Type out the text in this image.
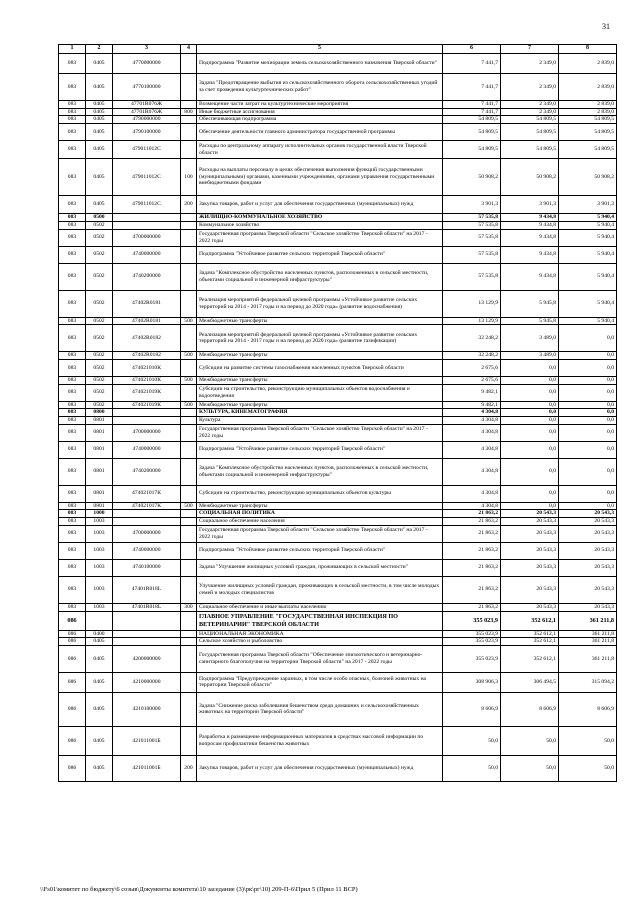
31
1	2	3	4	5	6	7	8
083	0405	4770000000		Подпрограмма "Развитие мелиорации земель сельскохозяйственного назначения Тверской области"	7 441,7	2 349,0	2 839,0
083	0405	4770100000		Задача "Предотвращение выбытия из сельскохозяйственного оборота сельскохозяйственных угодий за счет проведения культуртехнических работ"	7 441,7	2 349,0	2 839,0
083	0405	47701R076Ж		Возмещение части затрат на культуртехнические мероприятия	7 441,7	2 349,0	2 839,0
083	0405	47701R076Ж	800	Иные бюджетные ассигнования	7 441,7	2 349,0	2 839,0
083	0405	4790000000		Обеспечивающая подпрограмма	54 809,5	54 809,5	54 809,5
083	0405	4790100000		Обеспечение деятельности главного администратора государственной программы	54 809,5	54 809,5	54 809,5
083	0405	479011012С		Расходы по центральному аппарату исполнительных органов государственной власти Тверской области	54 809,5	54 809,5	54 809,5
083	0405	479011012С	100	Расходы на выплаты персоналу в целях обеспечения выполнения функций государственными (муниципальными) органами, казенными учреждениями, органами управления государственными внебюджетными фондами	50 908,2	50 908,2	50 908,2
083	0405	479011012С	200	Закупка товаров, работ и услуг для обеспечения государственных (муниципальных) нужд	3 901,3	3 901,3	3 901,3
083	0500			ЖИЛИЩНО-КОММУНАЛЬНОЕ ХОЗЯЙСТВО	57 535,8	9 434,8	5 940,4
083	0502			Коммунальное хозяйство	57 535,8	9 434,8	5 940,4
083	0502	4700000000		Государственная программа Тверской области "Сельское хозяйство Тверской области" на 2017 - 2022 годы	57 535,8	9 434,8	5 940,4
083	0502	4740000000		Подпрограмма "Устойчивое развитие сельских территорий Тверской области"	57 535,8	9 434,8	5 940,4
083	0502	4740200000		Задача "Комплексное обустройство населенных пунктов, расположенных в сельской местности, объектами социальной и инженерной инфраструктуры"	57 535,8	9 434,8	5 940,4
083	0502	47402R0181		Реализация мероприятий федеральной целевой программы «Устойчивое развитие сельских территорий на 2014 - 2017 годы и на период до 2020 года» (развитие водоснабжения)	13 129,9	5 945,8	5 940,4
083	0502	47402R0181	500	Межбюджетные трансферты	13 129,9	5 945,8	5 940,4
083	0502	47402R0182		Реализация мероприятий федеральной целевой программы «Устойчивое развитие сельских территорий на 2014 - 2017 годы и на период до 2020 года» (развитие газификации)	32 248,2	3 489,0	0,0
083	0502	47402R0182	500	Межбюджетные трансферты	32 248,2	3 489,0	0,0
083	0502	474021010К		Субсидии на развитие системы газоснабжения населенных пунктов Тверской области	2 675,6	0,0	0,0
083	0502	474021010К	500	Межбюджетные трансферты	2 675,6	0,0	0,0
083	0502	474021019К		Субсидии на строительство, реконструкцию муниципальных объектов водоснабжения и водоотведения	9 482,1	0,0	0,0
083	0502	474021019К	500	Межбюджетные трансферты	9 482,1	0,0	0,0
083	0800			КУЛЬТУРА, КИНЕМАТОГРАФИЯ	4 304,8	0,0	0,0
083	0801			Культура	4 304,8	0,0	0,0
083	0801	4700000000		Государственная программа Тверской области "Сельское хозяйство Тверской области" на 2017 - 2022 годы	4 304,8	0,0	0,0
083	0801	4740000000		Подпрограмма "Устойчивое развитие сельских территорий Тверской области"	4 304,8	0,0	0,0
083	0801	4740200000		Задача "Комплексное обустройство населенных пунктов, расположенных в сельской местности, объектами социальной и инженерной инфраструктуры"	4 304,8	0,0	0,0
083	0801	474021017К		Субсидии на строительство, реконструкцию муниципальных объектов культуры	4 304,8	0,0	0,0
083	0801	474021017К	500	Межбюджетные трансферты	4 304,8	0,0	0,0
083	1000			СОЦИАЛЬНАЯ ПОЛИТИКА	21 863,2	20 543,3	20 543,3
083	1003			Социальное обеспечение населения	21 863,2	20 543,3	20 543,3
083	1003	4700000000		Государственная программа Тверской области "Сельское хозяйство Тверской области" на 2017 - 2022 годы	21 863,2	20 543,3	20 543,3
083	1003	4740000000		Подпрограмма "Устойчивое развитие сельских территорий Тверской области"	21 863,2	20 543,3	20 543,3
083	1003	4740100000		Задача "Улучшение жилищных условий граждан, проживающих в сельской местности"	21 863,2	20 543,3	20 543,3
083	1003	47401R018L		Улучшение жилищных условий граждан, проживающих в сельской местности, в том числе молодых семей и молодых специалистов	21 863,2	20 543,3	20 543,3
083	1003	47401R018L	300	Социальное обеспечение и иные выплаты населению	21 863,2	20 543,3	20 543,3
086				ГЛАВНОЕ УПРАВЛЕНИЕ "ГОСУДАРСТВЕННАЯ ИНСПЕКЦИЯ ПО ВЕТЕРИНАРИИ" ТВЕРСКОЙ ОБЛАСТИ	355 023,9	352 612,1	361 211,8
086	0400			НАЦИОНАЛЬНАЯ ЭКОНОМИКА	355 023,9	352 612,1	361 211,8
086	0405			Сельское хозяйство и рыболовство	355 023,9	352 612,1	361 211,8
086	0405	4200000000		Государственная программа Тверской области "Обеспечение эпизоотического и ветеринарно-санитарного благополучия на территории Тверской области" на 2017 - 2022 годы	355 023,9	352 612,1	361 211,8
086	0405	4210000000		Подпрограмма "Предупреждение заразных, в том числе особо опасных, болезней животных на территории Тверской области"	308 906,3	306 494,5	315 094,2
086	0405	4210100000		Задача "Снижение риска заболевания бешенством среди домашних и сельскохозяйственных животных на территории Тверской области"	8 606,9	8 606,9	8 606,9
086	0405	421011001Б		Разработка и размещение информационных материалов в средствах массовой информации по вопросам профилактики бешенства животных	50,0	50,0	50,0
086	0405	421011001Б	200	Закупка товаров, работ и услуг для обеспечения государственных (муниципальных) нужд	50,0	50,0	50,0
\\Fs01\комитет по бюджету\6 созыв\Документы комитета\10 заседание (3)\рк\рг\10) 209-П-6\Прил 5 (Прил 11 ВСР)
